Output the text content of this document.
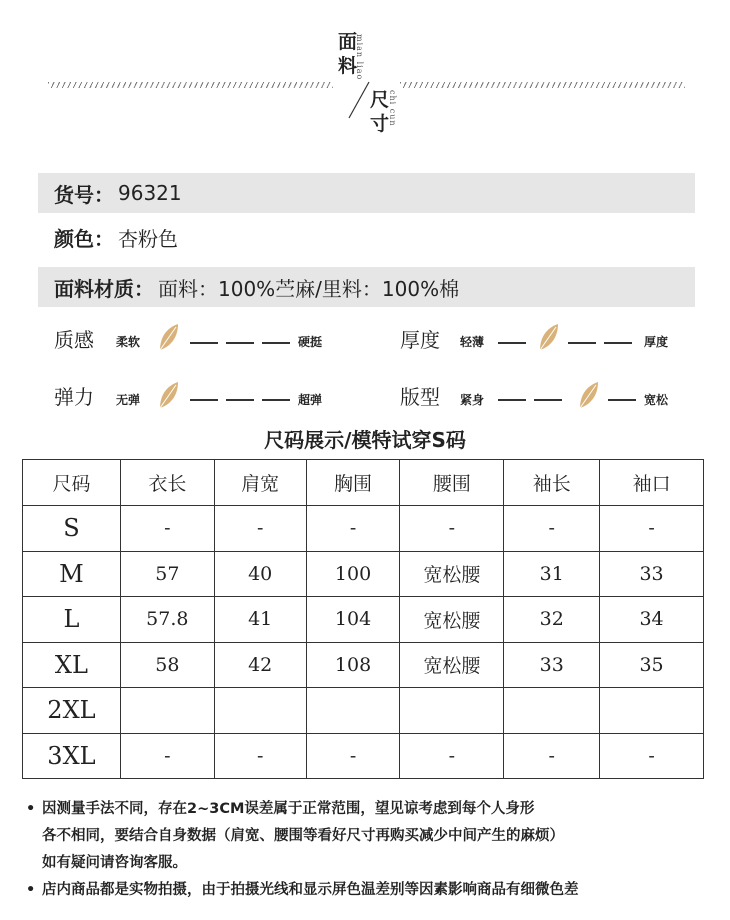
面料
mian liao
尺寸
chi cun
货号： 96321
颜色： 杏粉色
面料材质： 面料：100%苎麻/里料：100%棉
质感 柔软	硬挺	厚度 轻薄	厚度
弹力 无弹	超弹	版型 紧身	宽松
尺码展示/模特试穿S码
尺码	衣长	肩宽	胸围	腰围	袖长	袖口
S	-	-	-	-	-	-
M	57	40	100	宽松腰	31	33
L	57.8	41	104	宽松腰	32	34
XL	58	42	108	宽松腰	33	35
2XL						
3XL	-	-	-	-	-	-
• 因测量手法不同，存在2~3CM误差属于正常范围，望见谅考虑到每个人身形
各不相同，要结合自身数据（肩宽、腰围等看好尺寸再购买减少中间产生的麻烦）
如有疑问请咨询客服。
• 店内商品都是实物拍摄，由于拍摄光线和显示屏色温差别等因素影响商品有细微色差
